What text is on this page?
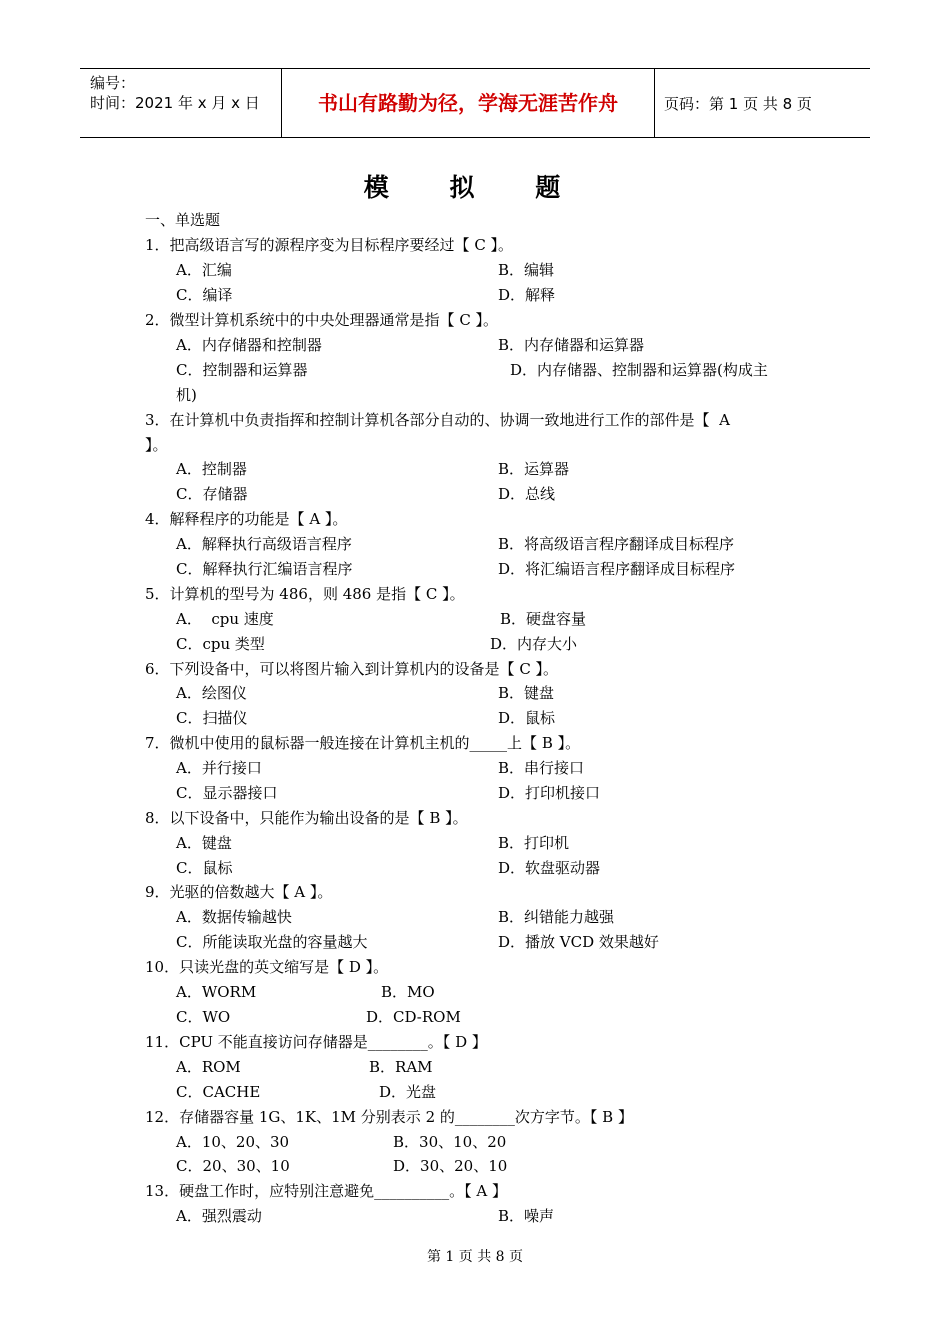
编号：
时间：2021 年 x 月 x 日	书山有路勤为径，学海无涯苦作舟	页码：第 1 页 共 8 页
模 拟 题
一、单选题
1．把高级语言写的源程序变为目标程序要经过【 C 】。
A．汇编	B．编辑
C．编译	D．解释
2．微型计算机系统中的中央处理器通常是指【 C 】。
A．内存储器和控制器	B．内存储器和运算器
C．控制器和运算器	D．内存储器、控制器和运算器(构成主
机)
3．在计算机中负责指挥和控制计算机各部分自动的、协调一致地进行工作的部件是【  A
】。
A．控制器	B．运算器
C．存储器	D．总线
4．解释程序的功能是【 A 】。
A．解释执行高级语言程序	B．将高级语言程序翻译成目标程序
C．解释执行汇编语言程序	D．将汇编语言程序翻译成目标程序
5．计算机的型号为 486，则 486 是指【 C 】。
A．  cpu 速度	B．硬盘容量
C．cpu 类型	D．内存大小
6．下列设备中，可以将图片输入到计算机内的设备是【 C 】。
A．绘图仪	B．键盘
C．扫描仪	D．鼠标
7．微机中使用的鼠标器一般连接在计算机主机的_____上【 B 】。
A．并行接口	B．串行接口
C．显示器接口	D．打印机接口
8．以下设备中，只能作为输出设备的是【 B 】。
A．键盘	B．打印机
C．鼠标	D．软盘驱动器
9．光驱的倍数越大【 A 】。
A．数据传输越快	B．纠错能力越强
C．所能读取光盘的容量越大	D．播放 VCD 效果越好
10．只读光盘的英文缩写是【 D 】。
A．WORM	B．MO
C．WO	D．CD-ROM
11．CPU 不能直接访问存储器是________。【 D 】
A．ROM	B．RAM
C．CACHE	D．光盘
12．存储器容量 1G、1K、1M 分别表示 2 的________次方字节。【 B 】
A．10、20、30	B．30、10、20
C．20、30、10	D．30、20、10
13．硬盘工作时，应特别注意避免__________。【 A 】
A．强烈震动	B．噪声
第 1 页 共 8 页
